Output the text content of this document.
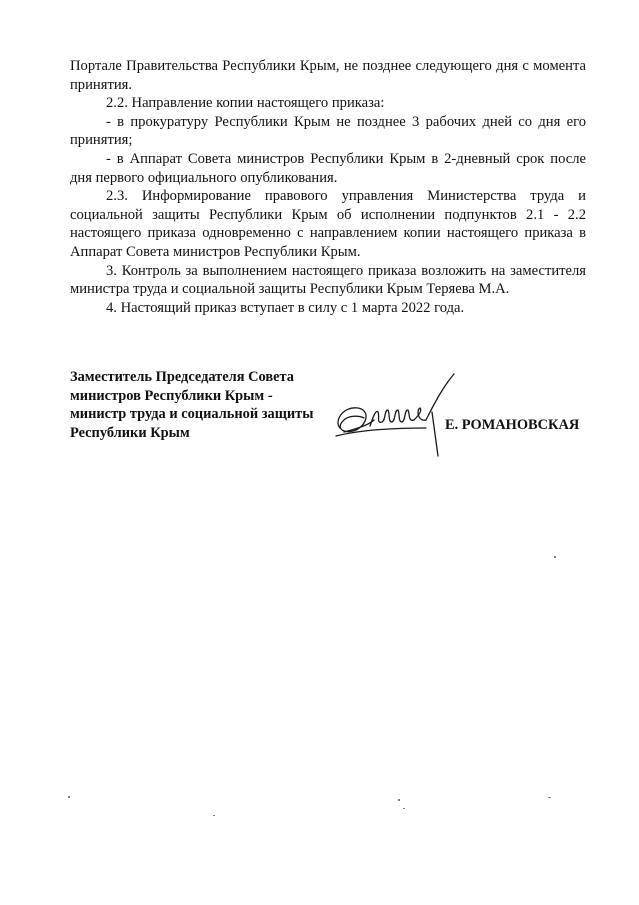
Портале Правительства Республики Крым, не позднее следующего дня с момента принятия.

2.2. Направление копии настоящего приказа:

- в прокуратуру Республики Крым не позднее 3 рабочих дней со дня его принятия;

- в Аппарат Совета министров Республики Крым в 2-дневный срок после дня первого официального опубликования.

2.3. Информирование правового управления Министерства труда и социальной защиты Республики Крым об исполнении подпунктов 2.1 - 2.2 настоящего приказа одновременно с направлением копии настоящего приказа в Аппарат Совета министров Республики Крым.

3. Контроль за выполнением настоящего приказа возложить на заместителя министра труда и социальной защиты Республики Крым Теряева М.А.

4. Настоящий приказ вступает в силу с 1 марта 2022 года.

Заместитель Председателя Совета
министров Республики Крым -
министр труда и социальной защиты
Республики Крым	Е. РОМАНОВСКАЯ
